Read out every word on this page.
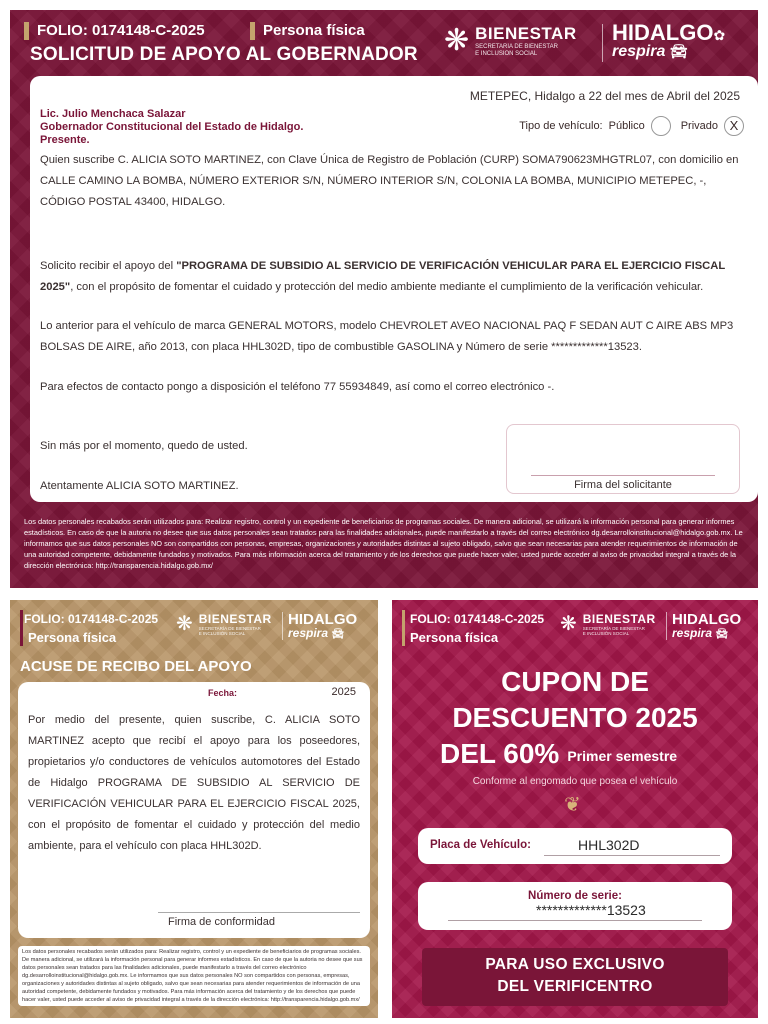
FOLIO: 0174148-C-2025	Persona física
SOLICITUD DE APOYO AL GOBERNADOR ❋ BIENESTAR
SECRETARÍA DE BIENESTAR
E INCLUSIÓN SOCIAL
HIDALGO✿
respira 🚘︎
METEPEC, Hidalgo a 22 del mes de Abril del 2025
Lic. Julio Menchaca Salazar
Gobernador Constitucional del Estado de Hidalgo.
Presente.
Tipo de vehículo: Público	Privado X
Quien suscribe C. ALICIA SOTO MARTINEZ, con Clave Única de Registro de Población (CURP) SOMA790623MHGTRL07, con domicilio en CALLE CAMINO LA BOMBA, NÚMERO EXTERIOR S/N, NÚMERO INTERIOR S/N, COLONIA LA BOMBA, MUNICIPIO METEPEC, -, CÓDIGO POSTAL 43400, HIDALGO.
Solicito recibir el apoyo del "PROGRAMA DE SUBSIDIO AL SERVICIO DE VERIFICACIÓN VEHICULAR PARA EL EJERCICIO FISCAL 2025", con el propósito de fomentar el cuidado y protección del medio ambiente mediante el cumplimiento de la verificación vehicular.
Lo anterior para el vehículo de marca GENERAL MOTORS, modelo CHEVROLET AVEO NACIONAL PAQ F SEDAN AUT C AIRE ABS MP3 BOLSAS DE AIRE, año 2013, con placa HHL302D, tipo de combustible GASOLINA y Número de serie *************13523.
Para efectos de contacto pongo a disposición el teléfono 77 55934849, así como el correo electrónico -.
Sin más por el momento, quedo de usted.
Atentamente ALICIA SOTO MARTINEZ.	Firma del solicitante
Los datos personales recabados serán utilizados para: Realizar registro, control y un expediente de beneficiarios de programas sociales. De manera adicional, se utilizará la información personal para generar informes estadísticos. En caso de que la autoria no desee que sus datos personales sean tratados para las finalidades adicionales, puede manifestarlo a través del correo electrónico dg.desarrolloinstitucional@hidalgo.gob.mx. Le informamos que sus datos personales NO son compartidos con personas, empresas, organizaciones y autoridades distintas al sujeto obligado, salvo que sean necesarias para atender requerimientos de información de una autoridad competente, debidamente fundados y motivados. Para más información acerca del tratamiento y de los derechos que puede hacer valer, usted puede acceder al aviso de privacidad integral a través de la dirección electrónica: http://transparencia.hidalgo.gob.mx/
FOLIO: 0174148-C-2025
Persona física
❋ BIENESTAR
SECRETARÍA DE BIENESTAR
E INCLUSIÓN SOCIAL
HIDALGO
respira 🚘︎
ACUSE DE RECIBO DEL APOYO
Fecha:	2025
Por medio del presente, quien suscribe, C. ALICIA SOTO MARTINEZ acepto que recibí el apoyo para los poseedores, propietarios y/o conductores de vehículos automotores del Estado de Hidalgo PROGRAMA DE SUBSIDIO AL SERVICIO DE VERIFICACIÓN VEHICULAR PARA EL EJERCICIO FISCAL 2025, con el propósito de fomentar el cuidado y protección del medio ambiente, para el vehículo con placa HHL302D.
Firma de conformidad
Los datos personales recabados serán utilizados para: Realizar registro, control y un expediente de beneficiarios de programas sociales. De manera adicional, se utilizará la información personal para generar informes estadísticos. En caso de que la autoria no desee que sus datos personales sean tratados para las finalidades adicionales, puede manifestarlo a través del correo electrónico dg.desarrolloinstitucional@hidalgo.gob.mx. Le informamos que sus datos personales NO son compartidos con personas, empresas, organizaciones y autoridades distintas al sujeto obligado, salvo que sean necesarias para atender requerimientos de información de una autoridad competente, debidamente fundados y motivados. Para más información acerca del tratamiento y de los derechos que puede hacer valer, usted puede acceder al aviso de privacidad integral a través de la dirección electrónica: http://transparencia.hidalgo.gob.mx/
FOLIO: 0174148-C-2025
Persona física
❋ BIENESTAR
SECRETARÍA DE BIENESTAR
E INCLUSIÓN SOCIAL
HIDALGO
respira 🚘︎
CUPON DE
DESCUENTO 2025
DEL 60% Primer semestre
Conforme al engomado que posea el vehículo
❦
Placa de Vehículo:	HHL302D
Número de serie:
*************13523
PARA USO EXCLUSIVO
DEL VERIFICENTRO
